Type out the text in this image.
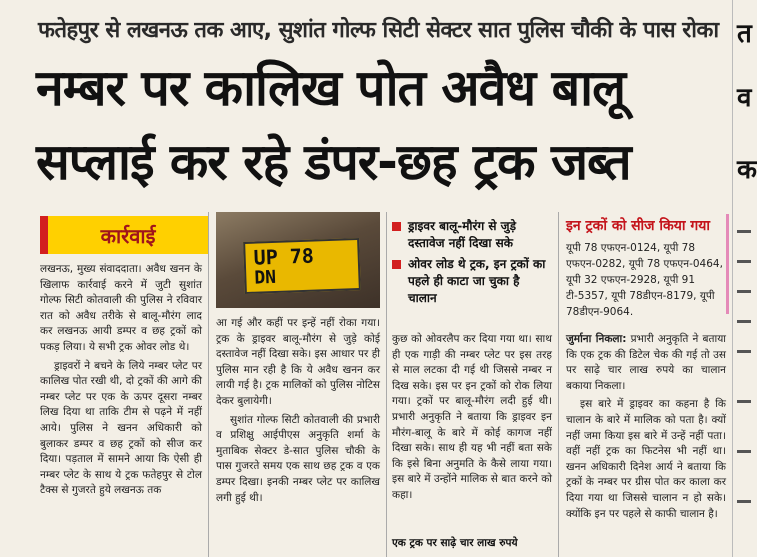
फतेहपुर से लखनऊ तक आए, सुशांत गोल्फ सिटी सेक्टर सात पुलिस चौकी के पास रोका
नम्बर पर कालिख पोत अवैध बालू
सप्लाई कर रहे डंपर-छह ट्रक जब्त
त
व
क
कार्रवाई

लखनऊ, मुख्य संवाददाता। अवैध खनन के खिलाफ कार्रवाई करने में जुटी सुशांत गोल्फ सिटी कोतवाली की पुलिस ने रविवार रात को अवैध तरीके से बालू-मौरंग लाद कर लखनऊ आयी डम्पर व छह ट्रकों को पकड़ लिया। ये सभी ट्रक ओवर लोड थे।

ड्राइवरों ने बचने के लिये नम्बर प्लेट पर कालिख पोत रखी थी, दो ट्रकों की आगे की नम्बर प्लेट पर एक के ऊपर दूसरा नम्बर लिख दिया था ताकि टीम से पढ़ने में नहीं आये। पुलिस ने खनन अधिकारी को बुलाकर डम्पर व छह ट्रकों को सीज कर दिया। पड़ताल में सामने आया कि ऐसी ही नम्बर प्लेट के साथ ये ट्रक फतेहपुर से टोल टैक्स से गुजरते हुये लखनऊ तक

UP 78
DN

आ गई और कहीं पर इन्हें नहीं रोका गया। ट्रक के ड्राइवर बालू-मौरंग से जुड़े कोई दस्तावेज नहीं दिखा सके। इस आधार पर ही पुलिस मान रही है कि ये अवैध खनन कर लायी गई है। ट्रक मालिकों को पुलिस नोटिस देकर बुलायेगी।

सुशांत गोल्फ सिटी कोतवाली की प्रभारी व प्रशिक्षु आईपीएस अनुकृति शर्मा के मुताबिक सेक्टर डे-सात पुलिस चौकी के पास गुजरते समय एक साथ छह ट्रक व एक डम्पर दिखा। इनकी नम्बर प्लेट पर कालिख लगी हुई थी।

ड्राइवर बालू-मौरंग से जुड़े दस्तावेज नहीं दिखा सके
ओवर लोड थे ट्रक, इन ट्रकों का पहले ही काटा जा चुका है चालान

कुछ को ओवरलैप कर दिया गया था। साथ ही एक गाड़ी की नम्बर प्लेट पर इस तरह से माल लटका दी गई थी जिससे नम्बर न दिख सके। इस पर इन ट्रकों को रोक लिया गया। ट्रकों पर बालू-मौरंग लदी हुई थी। प्रभारी अनुकृति ने बताया कि ड्राइवर इन मौरंग-बालू के बारे में कोई कागज नहीं दिखा सके। साथ ही यह भी नहीं बता सके कि इसे बिना अनुमति के कैसे लाया गया। इस बारे में उन्होंने मालिक से बात करने को कहा।

एक ट्रक पर साढ़े चार लाख रुपये
इन ट्रकों को सीज किया गया
यूपी 78 एफएन-0124, यूपी 78 एफएन-0282, यूपी 78 एफएन-0464, यूपी 32 एफएन-2928, यूपी 91 टी-5357, यूपी 78डीएन-8179, यूपी 78डीएन-9064.

जुर्माना निकला: प्रभारी अनुकृति ने बताया कि एक ट्रक की डिटेल चेक की गई तो उस पर साढ़े चार लाख रुपये का चालान बकाया निकला।

इस बारे में ड्राइवर का कहना है कि चालान के बारे में मालिक को पता है। क्यों नहीं जमा किया इस बारे में उन्हें नहीं पता। वहीं नहीं ट्रक का फिटनेस भी नहीं था। खनन अधिकारी दिनेश आर्य ने बताया कि ट्रकों के नम्बर पर ग्रीस पोत कर काला कर दिया गया था जिससे चालान न हो सके। क्योंकि इन पर पहले से काफी चालान है।
